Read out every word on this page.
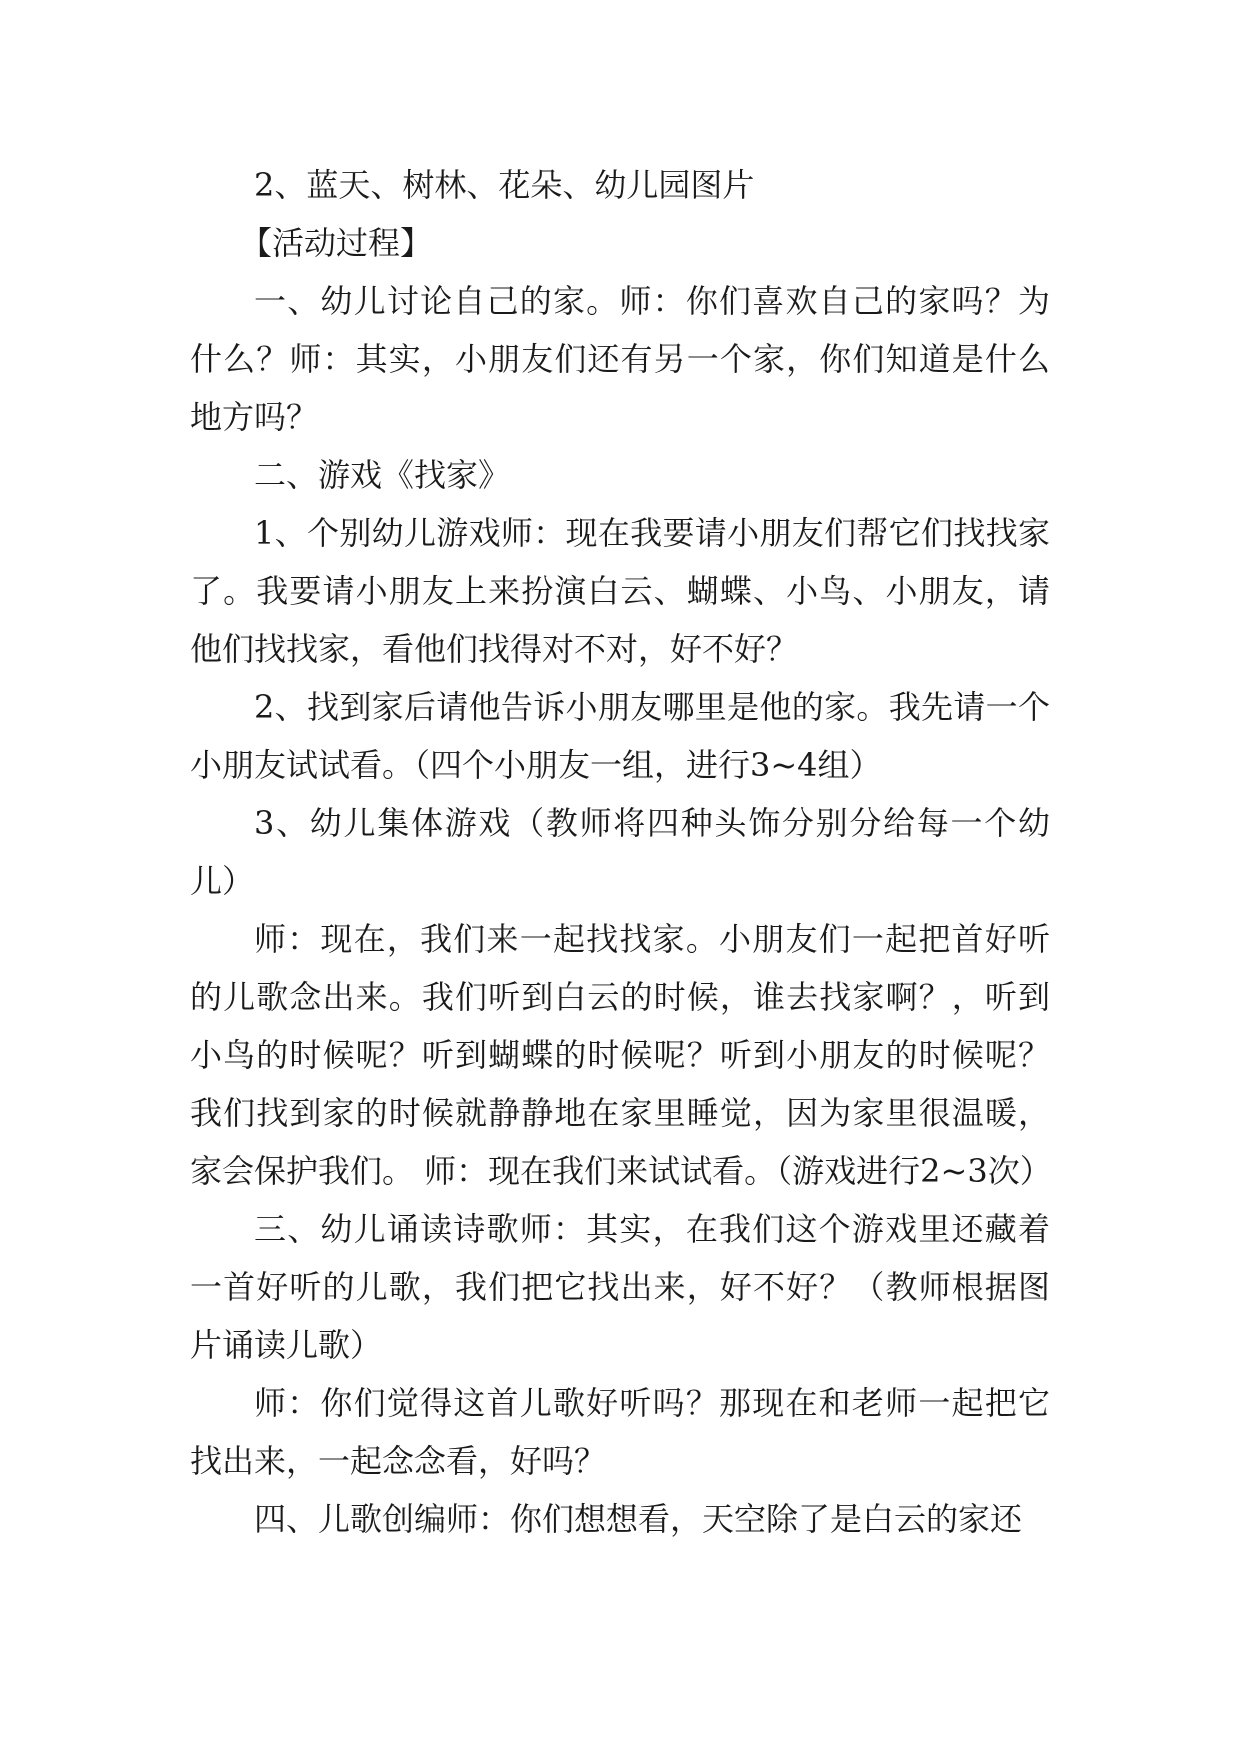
2、蓝天、树林、花朵、幼儿园图片

【活动过程】

一、幼儿讨论自己的家。师：你们喜欢自己的家吗？为什么？师：其实，小朋友们还有另一个家，你们知道是什么地方吗？

二、游戏《找家》

1、个别幼儿游戏师：现在我要请小朋友们帮它们找找家了。我要请小朋友上来扮演白云、蝴蝶、小鸟、小朋友，请他们找找家，看他们找得对不对，好不好？

2、找到家后请他告诉小朋友哪里是他的家。我先请一个小朋友试试看。（四个小朋友一组，进行3~4组）

3、幼儿集体游戏（教师将四种头饰分别分给每一个幼儿）

师：现在，我们来一起找找家。小朋友们一起把首好听的儿歌念出来。我们听到白云的时候，谁去找家啊？，听到小鸟的时候呢？听到蝴蝶的时候呢？听到小朋友的时候呢？我们找到家的时候就静静地在家里睡觉，因为家里很温暖，家会保护我们。 师：现在我们来试试看。（游戏进行2~3次）

三、幼儿诵读诗歌师：其实，在我们这个游戏里还藏着一首好听的儿歌，我们把它找出来，好不好？（教师根据图片诵读儿歌）

师：你们觉得这首儿歌好听吗？那现在和老师一起把它找出来，一起念念看，好吗？

四、儿歌创编师：你们想想看，天空除了是白云的家还
